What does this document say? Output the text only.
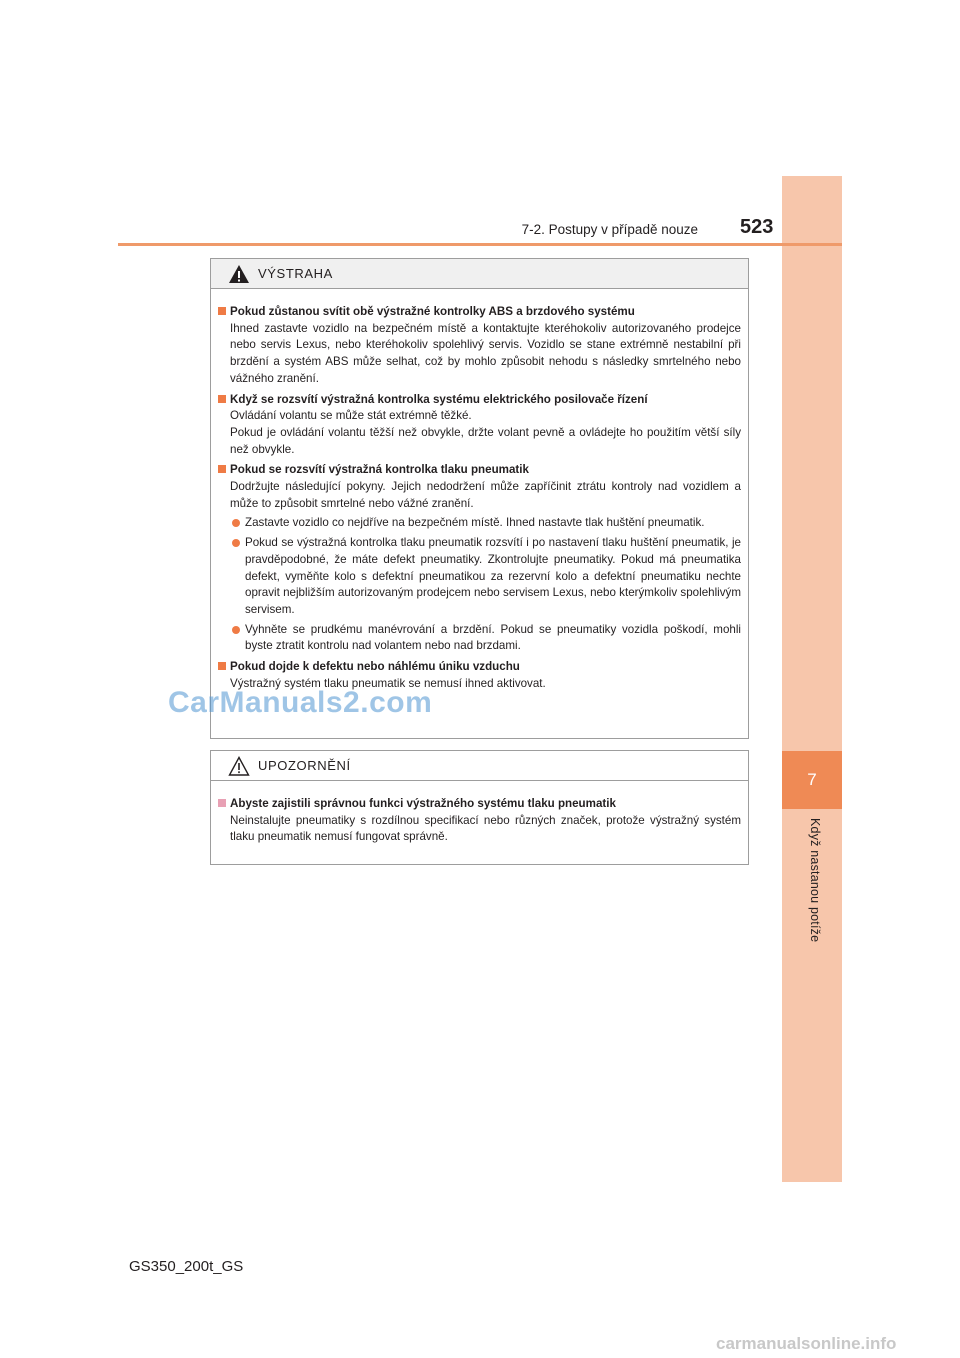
7
Když nastanou potíže
7-2. Postupy v případě nouze 523
VÝSTRAHA
Pokud zůstanou svítit obě výstražné kontrolky ABS a brzdového systému
Ihned zastavte vozidlo na bezpečném místě a kontaktujte kteréhokoliv autorizovaného prodejce nebo servis Lexus, nebo kteréhokoliv spolehlivý servis. Vozidlo se stane extrémně nestabilní při brzdění a systém ABS může selhat, což by mohlo způsobit nehodu s následky smrtelného nebo vážného zranění.
Když se rozsvítí výstražná kontrolka systému elektrického posilovače řízení
Ovládání volantu se může stát extrémně těžké.
Pokud je ovládání volantu těžší než obvykle, držte volant pevně a ovládejte ho použitím větší síly než obvykle.
Pokud se rozsvítí výstražná kontrolka tlaku pneumatik
Dodržujte následující pokyny. Jejich nedodržení může zapříčinit ztrátu kontroly nad vozidlem a může to způsobit smrtelné nebo vážné zranění.
Zastavte vozidlo co nejdříve na bezpečném místě. Ihned nastavte tlak huštění pneumatik.
Pokud se výstražná kontrolka tlaku pneumatik rozsvítí i po nastavení tlaku huštění pneumatik, je pravděpodobné, že máte defekt pneumatiky. Zkontrolujte pneumatiky. Pokud má pneumatika defekt, vyměňte kolo s defektní pneumatikou za rezervní kolo a defektní pneumatiku nechte opravit nejbližším autorizovaným prodejcem nebo servisem Lexus, nebo kterýmkoliv spolehlivým servisem.
Vyhněte se prudkému manévrování a brzdění. Pokud se pneumatiky vozidla poškodí, mohli byste ztratit kontrolu nad volantem nebo nad brzdami.
Pokud dojde k defektu nebo náhlému úniku vzduchu
Výstražný systém tlaku pneumatik se nemusí ihned aktivovat.
UPOZORNĚNÍ
Abyste zajistili správnou funkci výstražného systému tlaku pneumatik
Neinstalujte pneumatiky s rozdílnou specifikací nebo různých značek, protože výstražný systém tlaku pneumatik nemusí fungovat správně.
CarManuals2.com
GS350_200t_GS
carmanualsonline.info
